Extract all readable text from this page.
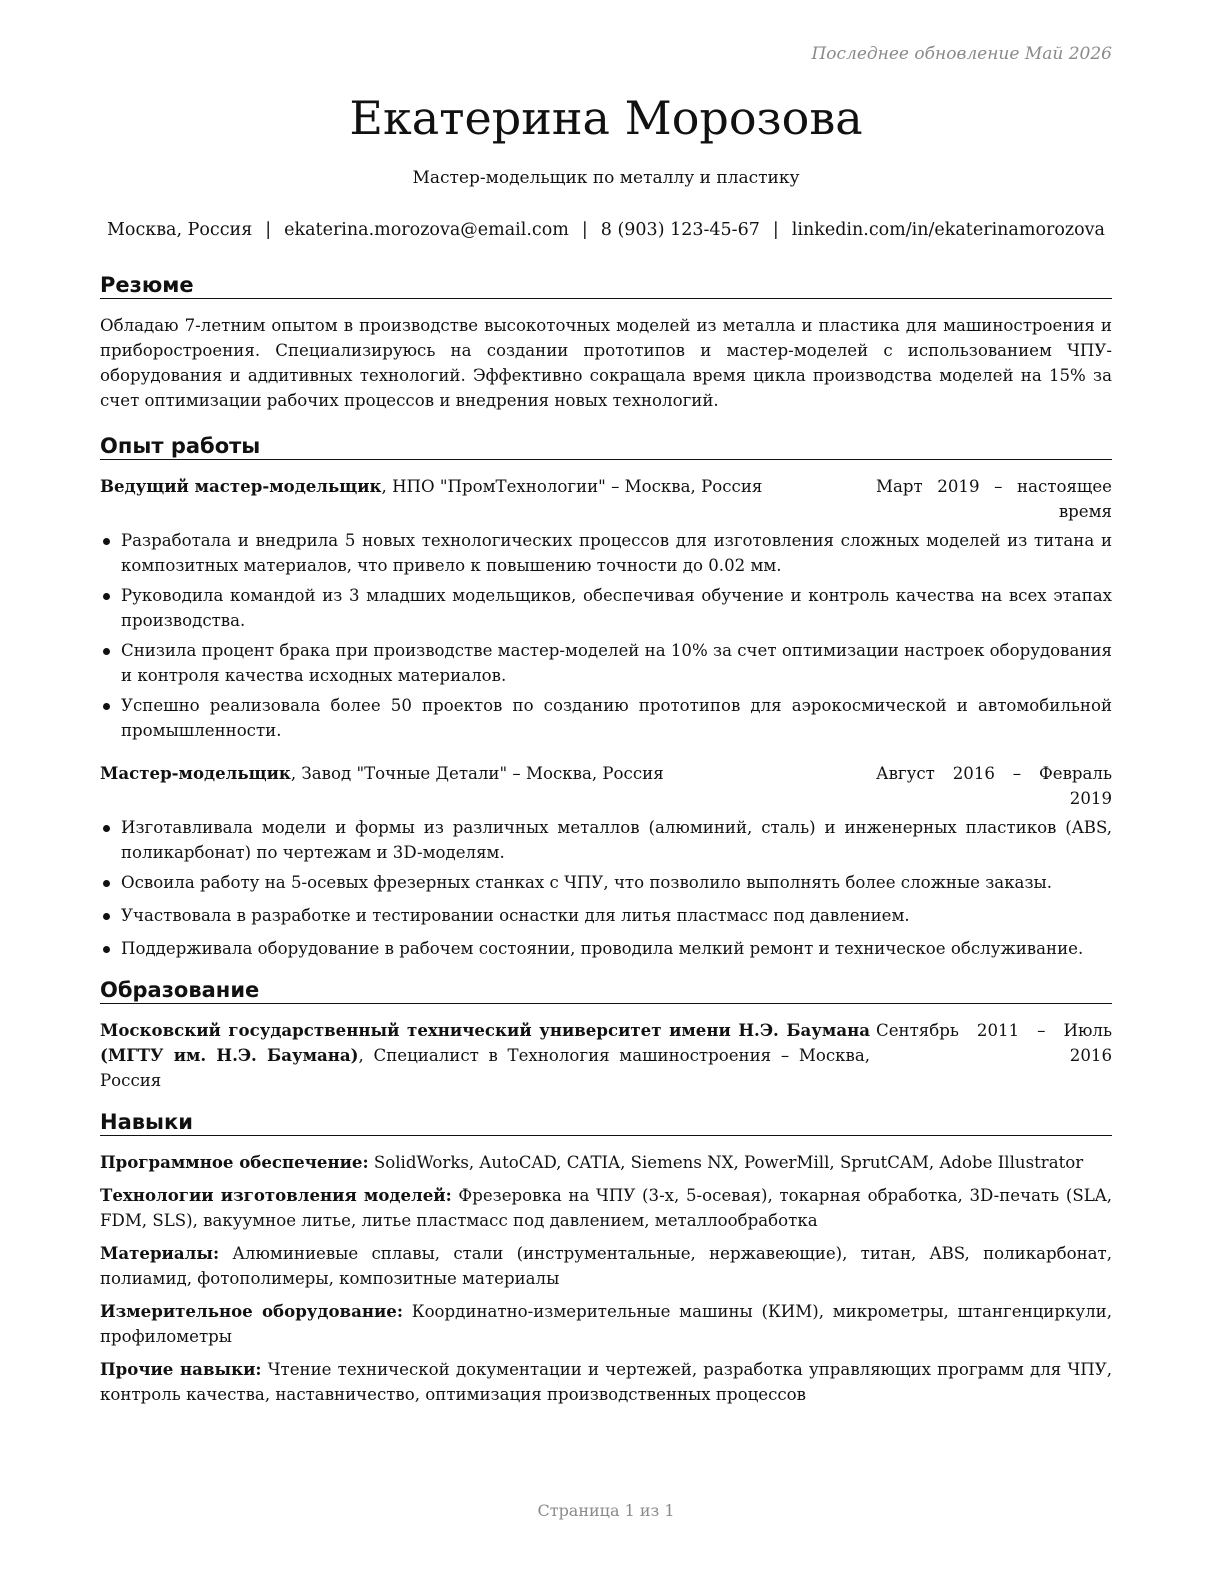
Последнее обновление Май 2026
Екатерина Морозова
Мастер-модельщик по металлу и пластику
Москва, Россия | ekaterina.morozova@email.com | 8 (903) 123-45-67 | linkedin.com/in/ekaterinamorozova
Резюме
Обладаю 7-летним опытом в производстве высокоточных моделей из металла и пластика для машиностроения и приборостроения. Специализируюсь на создании прототипов и мастер-моделей с использованием ЧПУ-оборудования и аддитивных технологий. Эффективно сокращала время цикла производства моделей на 15% за счет оптимизации рабочих процессов и внедрения новых технологий.
Опыт работы
Ведущий мастер-модельщик, НПО "ПромТехнологии" – Москва, Россия	Март 2019 – настоящее время
Разработала и внедрила 5 новых технологических процессов для изготовления сложных моделей из титана и композитных материалов, что привело к повышению точности до 0.02 мм.
Руководила командой из 3 младших модельщиков, обеспечивая обучение и контроль качества на всех этапах производства.
Снизила процент брака при производстве мастер-моделей на 10% за счет оптимизации настроек оборудования и контроля качества исходных материалов.
Успешно реализовала более 50 проектов по созданию прототипов для аэрокосмической и автомобильной промышленности.
Мастер-модельщик, Завод "Точные Детали" – Москва, Россия	Август 2016 – Февраль 2019
Изготавливала модели и формы из различных металлов (алюминий, сталь) и инженерных пластиков (ABS, поликарбонат) по чертежам и 3D-моделям.
Освоила работу на 5-осевых фрезерных станках с ЧПУ, что позволило выполнять более сложные заказы.
Участвовала в разработке и тестировании оснастки для литья пластмасс под давлением.
Поддерживала оборудование в рабочем состоянии, проводила мелкий ремонт и техническое обслуживание.
Образование
Московский государственный технический университет имени Н.Э. Баумана (МГТУ им. Н.Э. Баумана), Специалист в Технология машиностроения – Москва, Россия
Сентябрь 2011 – Июль 2016
Навыки

Программное обеспечение: SolidWorks, AutoCAD, CATIA, Siemens NX, PowerMill, SprutCAM, Adobe Illustrator

Технологии изготовления моделей: Фрезеровка на ЧПУ (3-х, 5-осевая), токарная обработка, 3D-печать (SLA, FDM, SLS), вакуумное литье, литье пластмасс под давлением, металлообработка

Материалы: Алюминиевые сплавы, стали (инструментальные, нержавеющие), титан, ABS, поликарбонат, полиамид, фотополимеры, композитные материалы

Измерительное оборудование: Координатно-измерительные машины (КИМ), микрометры, штангенциркули, профилометры

Прочие навыки: Чтение технической документации и чертежей, разработка управляющих программ для ЧПУ, контроль качества, наставничество, оптимизация производственных процессов

Страница 1 из 1
